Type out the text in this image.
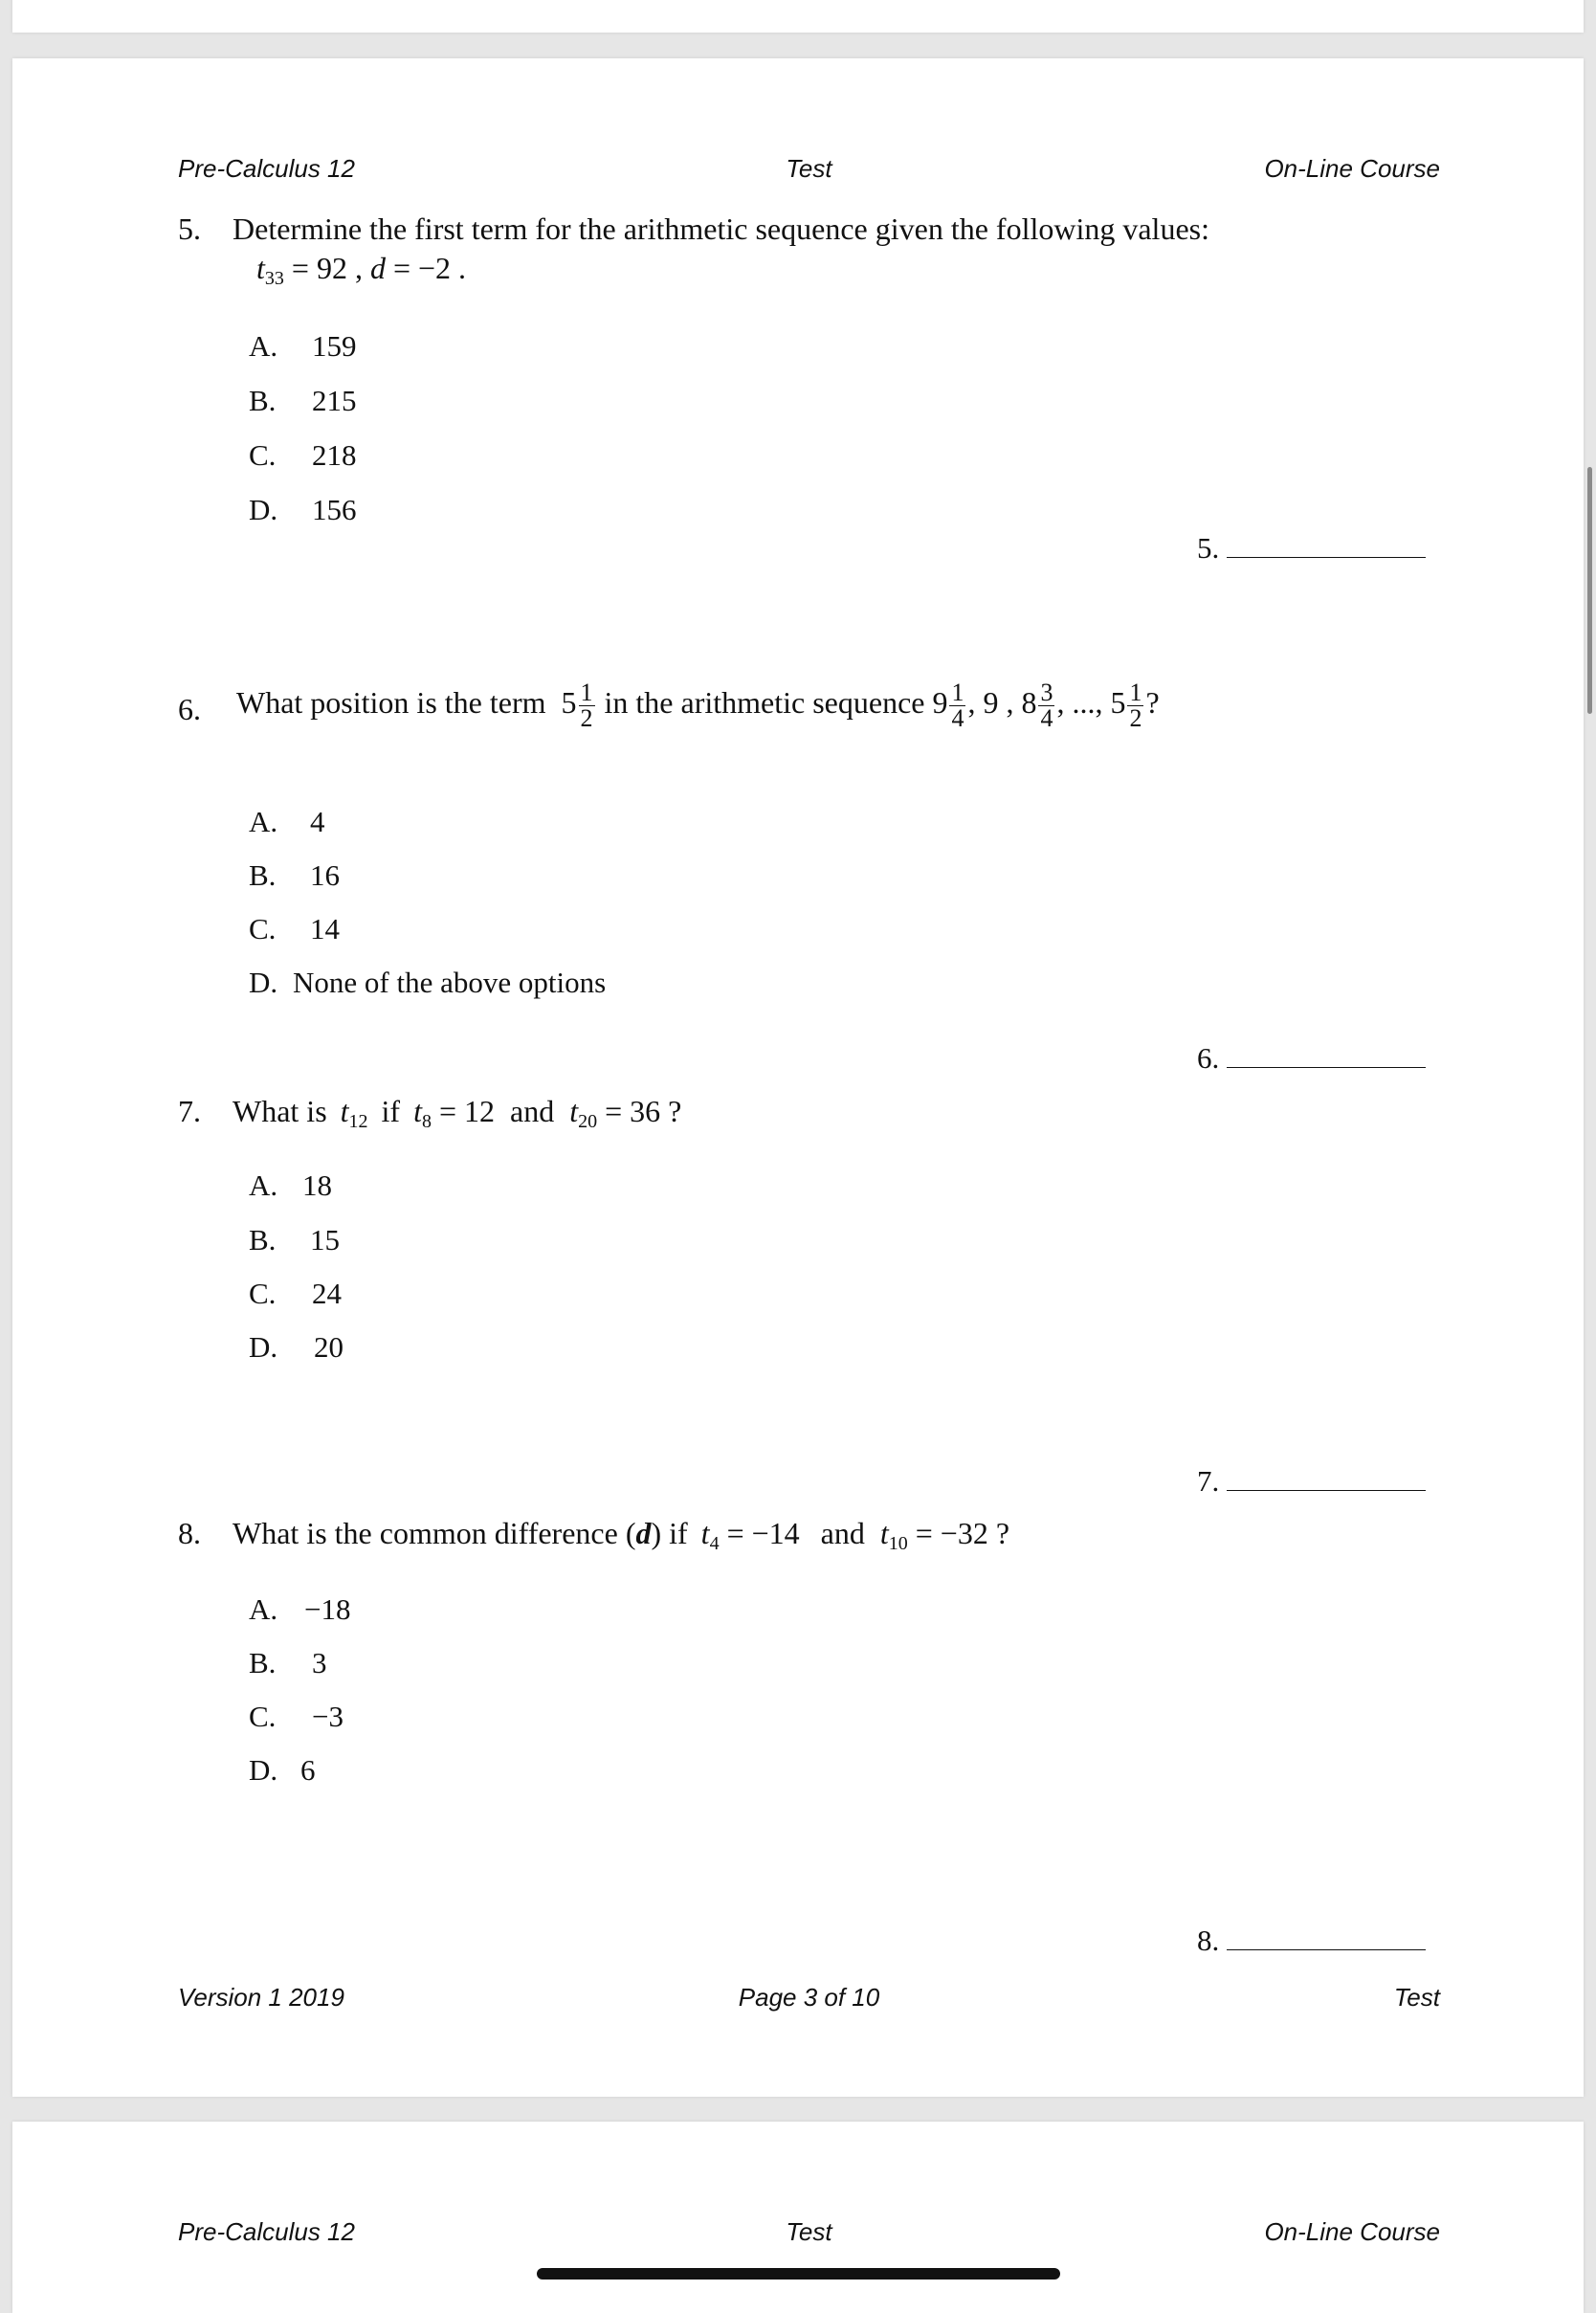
Pre-Calculus 12	Test	On-Line Course
5. Determine the first term for the arithmetic sequence given the following values:
$t_{33} = 92$ , d = −2 .
A. 159
B. 215
C. 218
D. 156
5.
6. What position is the term $5 \frac{1}{2}$ in the arithmetic sequence $9 \frac{1}{4}$ , 9 , $8 \frac{3}{4}$ , ..., $5 \frac{1}{2}$ ?
A. 4
B. 16
C. 14
D. None of the above options
6.
7. What is $t_{12}$ if $t_8 = 12$ and $t_{20} = 36$ ?
A. 18
B. 15
C. 24
D. 20
7.
8. What is the common difference (d) if $t_4 = -14$ and $t_{10} = -32$ ?
A. −18
B. 3
C. −3
D. 6
8.
Version 1 2019	Page 3 of 10	Test
Pre-Calculus 12	Test	On-Line Course
